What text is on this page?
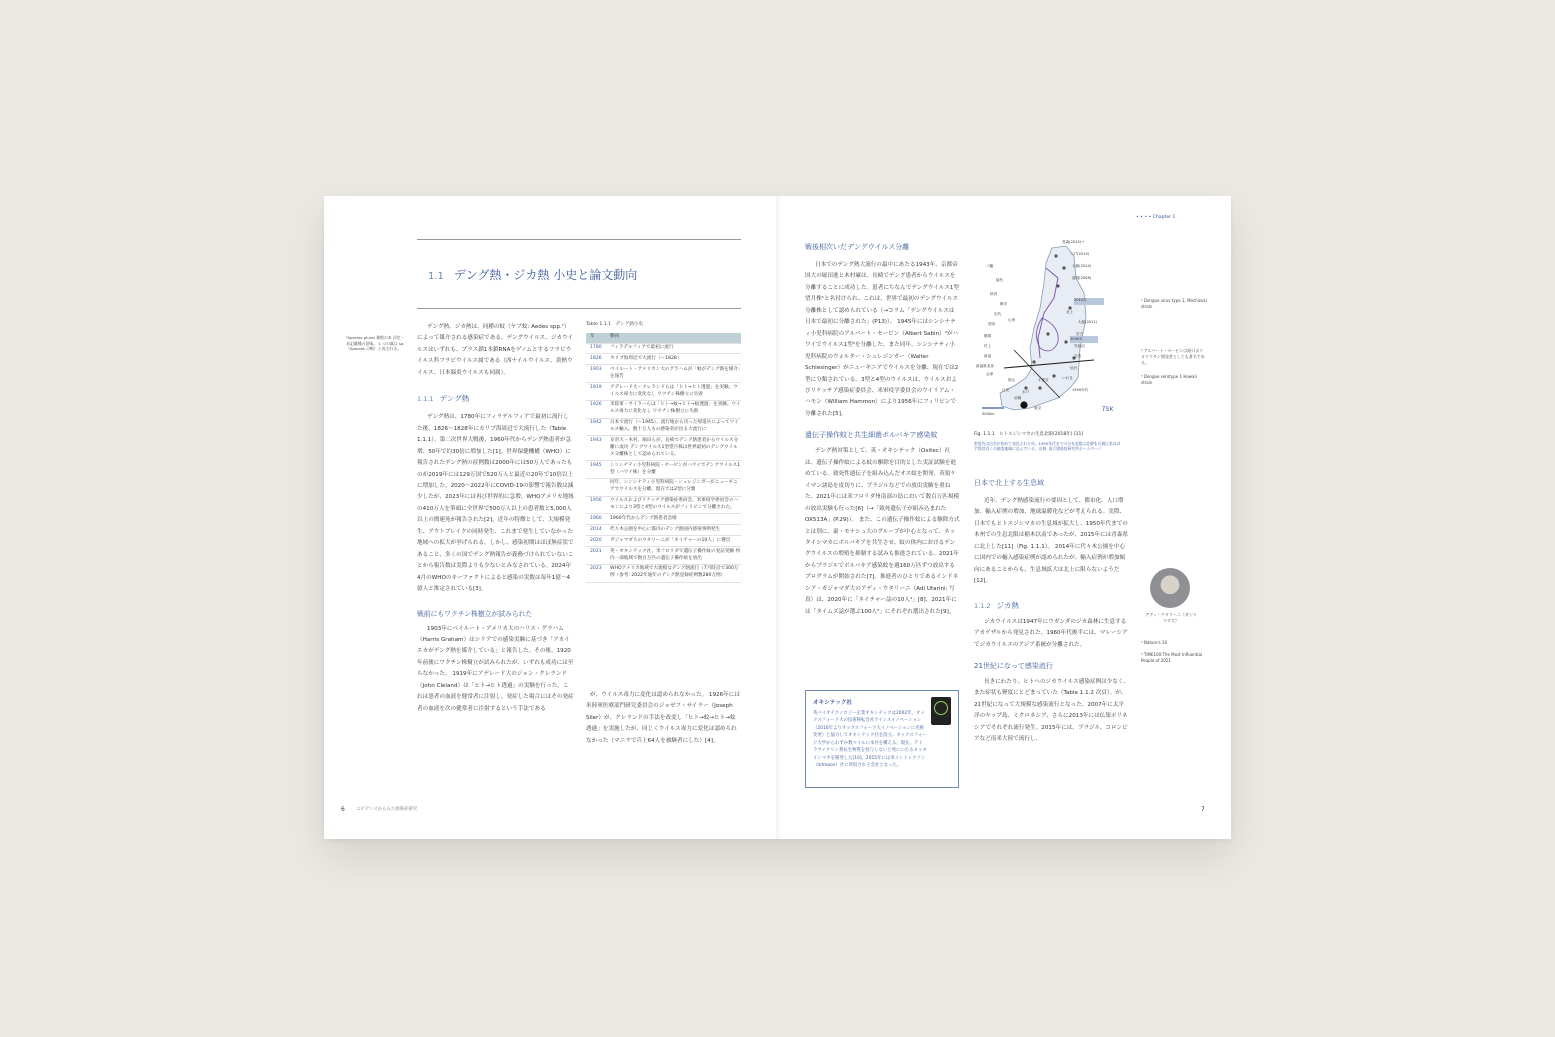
1.1 デング熱・ジカ熱 小史と論文動向
¹Species plural 複数の本 河定・未記載種の意味。 1 つの属は sp.（Species の略）と表される。
デング熱、ジカ熱は、同種の蚊（ヤブ蚊: Aedes spp.¹）によって媒介される感染症である。デングウイルス、ジカウイルスはいずれも、プラス鎖1本鎖RNAをゲノムとするフラビウイルス科フラビウイルス属である（西ナイルウイルス、黄熱ウイルス、日本脳炎ウイルスも同属）。
1.1.1 デング熱
デング熱は、1780年にフィラデルフィアで最初に流行した後、1826〜1828年にカリブ海周辺で大流行した（Table 1.1.1）。第二次世界大戦後、1960年代からデング熱患者が急増、50年で約30倍に増加した[1]。世界保健機構（WHO）に報告されたデング熱の症例数は2000年には50万人であったものが2019年には129万国で520万人と最近の20年で10倍以上に増加した。2020〜2022年にCOVID-19の影響で報告数は減少したが、2023年には再び世界的に急増、WHOアメリカ地域の410万人を筆頭に全世界で500万人以上の患者数と5,000人以上の関連死が報告された[2]。近年の特徴として、大規模発生、アウトブレイクの同時発生、これまで発生していなかった地域への拡大が挙げられる。しかし、感染初期はほぼ無症状であること、多くの国でデング熱報告が義務づけられていないことから報告数は実際よりも少ないとみなされている。2024年4月のWHOのキーファクトによると感染の実数は毎年1億〜4億人と推定されている[3]。
戦前にもワクチン株樹立が試みられた
1903年にベイルート・アメリカ大のハリス・グラハム（Harris Graham）はシリアでの感染実験に基づき「アカイエカがデング熱を媒介している」と報告した。その後、1920年前後にワクチン株樹立が試みられたが、いずれも成功には至らなかった。 1919年にアデレード大のジョン・クレランド（John Cleland）は「ヒト→ヒト透過」の実験を行った。これは患者の血液を健常者に注射し、発症した場合にはその発症者の血液を次の健常者に注射するという手法である
Table 1.1.1　デング熱小史
年	動向
1780	フィラデルフィアで最初に流行
1826	カリブ海周辺で大流行（〜1828）
1903	ベイルート・アメリカン大のグラハムが「蚊がデング熱を媒介」を報告
1919	アデレード大・クレランドらは「ヒト→ヒト透過」を実験。ウイルス毒力に変化なし ワクチン株樹立に失敗
1926	米陸軍・サイラーらは「ヒト→蚊→ヒト→蚊透過」を実験。ウイルス毒力に変化なし ワクチン株樹立に失敗
1942	日本で流行（〜1945）、流行地から戻った帰還兵によってウイルス輸入。数十万人もの感染者が出る大流行に
1943	京帝大・木村、堀田らが、長崎でデング熱患者からウイルス分離に成功 デングウイルス1型望月株は世界最初のデングウイルス分離株として認められている。
1945	シンシナティ小児科病院・セービンがハワイでデングウイルス1型（ハワイ株）を分離
同年、シンシナティ小児科病院・シュレジンガーがニューギニアでウイルスを分離。現在では2型に分類
1956	ウイルスおよびリケッチア感染症委員会、米軍疫学委員会のハモンにより3型と4型のウイルスがフィリピンで分離された。
1960	1960年代からデング熱患者急増
2014	代々木公園を中心に都内のデング熱国内感染事例発生
2020	ガジャマダ大のウタリーニが「ネイチャーの10人」に選出
2021	英・オキシテック社、米フロリダで遺伝子操作蚊の実証実験 州内一部地域で数百万匹の遺伝子操作蚊を放出
2023	WHOアメリカ地域で大規模なデング熱流行（7月時点で300万例（参考: 2022年通年のデング熱登録症例数280万例）
が、ウイルス毒力に変化は認められなかった。 1926年には米陸軍医療部門研究委員会のジョゼフ・サイラー（Joseph Siler）が、クレランドの手法を改変し「ヒト→蚊→ヒト→蚊透過」を実施したが、同じくウイルス毒力に変化は認められなかった（マニラで兵士64人を被験者にした）[4]。
6	エビデンスからみた感染症研究
• • • • Chapter 1
戦後相次いだデングウイルス分離
日本でのデング熱大流行の最中にあたる1943年、京都帝国大の堀田進と木村廉は、長崎でデング患者からウイルスを分離することに成功した。患者にちなんでデングウイルス1型望月株¹と名付けられ、これは、世界で最初のデングウイルス分離株として認められている（→コラム「デングウイルスは日本で最初に分離された」(P13)）。 1945年にはシンシナティ小児科病院のアルバート・セービン（Albert Sabin）²がハワイでウイルス1型³を分離した。また同年、シンシナティ小児科病院のウォルター・シュレジンガー（Walter Schlesinger）がニューギニアでウイルスを分離、現在では2型に分類されている。3型と4型のウイルスは、ウイルスおよびリケッチア感染症委員会、米軍疫学委員会のウイリアム・ハモン（William Hammon）により1956年にフィリピンで分離された[5]。
遺伝子操作蚊と共生細菌ボルバキア感染蚊
デング熱対策として、英・オキシテック（Oxitec）社は、遺伝子操作蚊による蚊の駆除を目的とした実証試験を進めている。致死性遺伝子を組み込んだオス蚊を開発、英領ケイマン諸島を皮切りに、ブラジルなどでの放出実験を重ねた。2021年には米フロリダ州南部の島において数百万匹規模の放出実験も行った[6]（→「致死遺伝子が組み込まれたOX513A」(P.29)）。 また、この遺伝子操作蚊による駆除方式とは別に、豪・モナシュ大のグループが中心となって、ネッタイシマカにボルバキアを共生させ、蚊の体内におけるデングウイルスの増殖を抑制する試みも推進されている。2021年からブラジルでボルバキア感染蚊を週160万匹ずつ放出するプログラムが開始された[7]。推進者のひとりであるインドネシア・ガジャマダ大のアディ・ウタリーニ（Adi Utarini; 写真）は、2020年に「ネイチャー誌の10人⁴」[8]、2021年には「タイムズ誌が選ぶ100人⁵」にそれぞれ選出された[9]。
オキシテック社
英バイオテクノロジー企業オキシテックは2002年、オックスフォード大の技術移転会社アイシスイノベーション（2016年よりオックスフォード大イノベーションに名称変更）と協力してオキシテック社を設立。オックスフォード大学からわずか数マイルに本社を構える。現在、テトラサイクリン系抗生物質を投与しないと死にいたるネッタイシマカを開発した[10]。2015年には米イントレクソン（Intrexon）社に買収され子会社となった。
青森(2015)→
八戸(2015)
大館(2014)
八幡
能代
秋田
盛岡(2008)
2010年
北上
大船(2011)
横手
宮古
田代
石巻
酒田
鶴岡
気仙沼
山形
仙台
村上
新潟
2000年
会津
郡山	いわき
水戸
宇都宮
新潟県北部
日光	1950年代
500km
前橋
東京	TSK
Fig. 1.1.1　ヒトスジシマカの生息北限(2018年) [11]
密度内は出会が初めて発見された年。1950年代までの分布北限は北緯を川通広来ほぼ宇都宮近くの調査地域に及んでいる。出典: 国立感染症研究所ホームページ
日本で北上する生息域
近年、デング熱感染流行の要因として、都市化、人口増加、輸入症例の増加、地球温暖化などが考えられる。実際、日本でもヒトスジシマカの生息域が拡大し、1950年代までの本州での生息北限は栃木以南であったが、2015年には青森県に北上した[11]（Fig. 1.1.1）。 2014年に代々木公園を中心に国内での輸入感染症例が認められたが、輸入症例が増加傾向にあることからも、生息域拡大は北上に限らないようだ[12]。
1.1.2 ジカ熱
ジカウイルスは1947年にウガンダのジカ森林に生息するアカゲザルから発見された。1960年代後半には、マレーシアでジカウイルスのアジア系統が分離された。
21世紀になって感染流行
長きにわたり、ヒトへのジカウイルス感染症例は少なく、また症状も軽度にとどまっていた（Table 1.1.2 次頁）。が、21世紀になって大規模な感染流行となった。2007年に太平洋のヤップ島、ミクロネシア、さらに2013年には仏領ポリネシアでそれぞれ流行発生。2015年には、ブラジル、コロンビアなど南米大陸で流行し、
¹ Dengue virus type 1, Mochizuki strain
² アルバート・セービンは経口ポリオワクチン開発者としても著名である。
³ Dengue serotype 1 Hawaii strain
アディ・ウタリーニ（ガジャマダ大）
⁴ Nature's 10
⁵ TIME100:The Most Influential People of 2021
7
